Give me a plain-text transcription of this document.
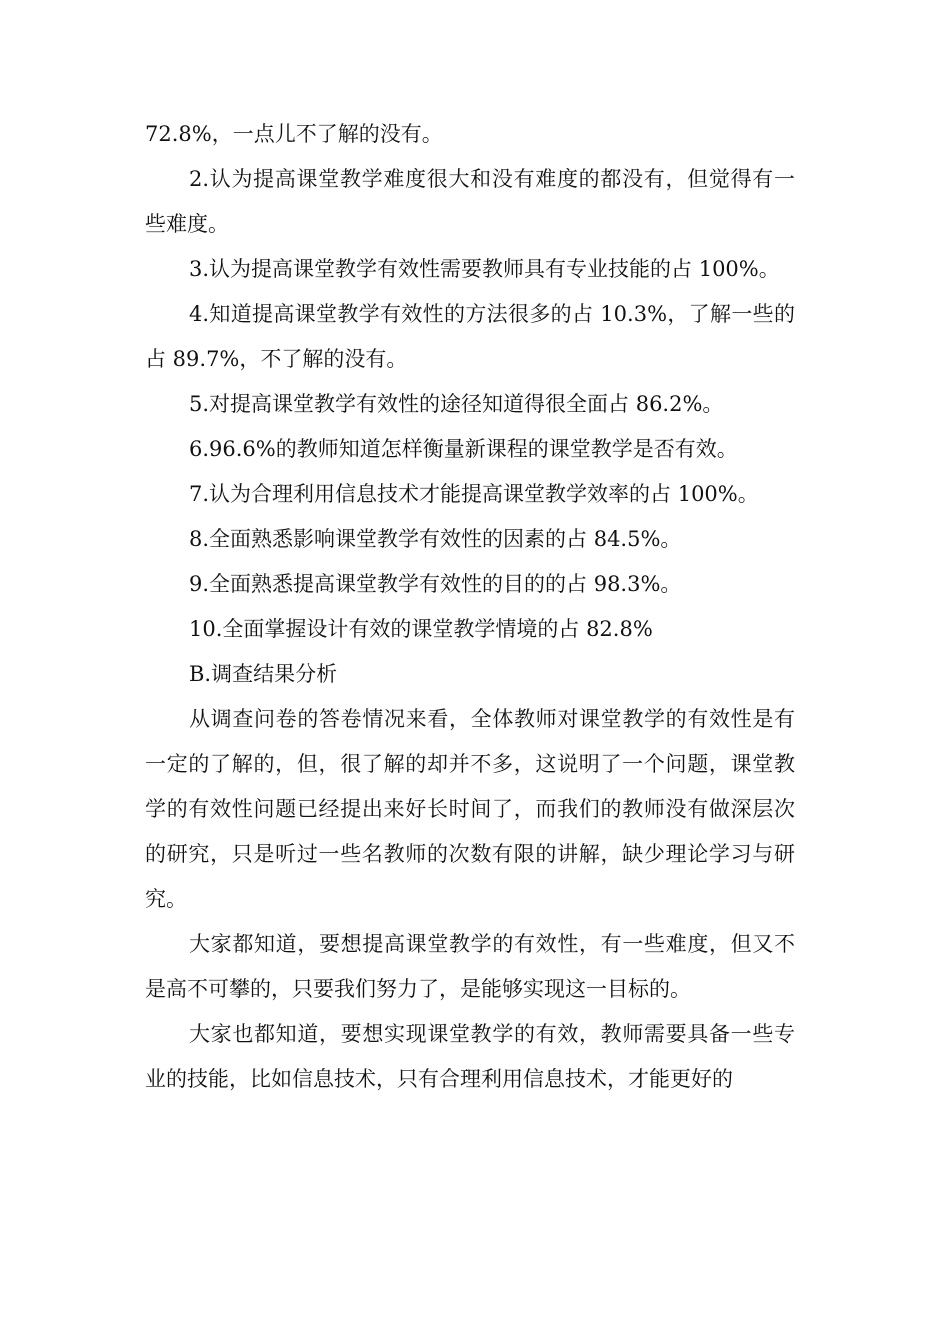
72.8%，一点儿不了解的没有。

2.认为提高课堂教学难度很大和没有难度的都没有，但觉得有一些难度。

3.认为提高课堂教学有效性需要教师具有专业技能的占 100%。

4.知道提高课堂教学有效性的方法很多的占 10.3%，了解一些的占 89.7%，不了解的没有。

5.对提高课堂教学有效性的途径知道得很全面占 86.2%。

6.96.6%的教师知道怎样衡量新课程的课堂教学是否有效。

7.认为合理利用信息技术才能提高课堂教学效率的占 100%。

8.全面熟悉影响课堂教学有效性的因素的占 84.5%。

9.全面熟悉提高课堂教学有效性的目的的占 98.3%。

10.全面掌握设计有效的课堂教学情境的占 82.8%

B.调查结果分析

从调查问卷的答卷情况来看，全体教师对课堂教学的有效性是有一定的了解的，但，很了解的却并不多，这说明了一个问题，课堂教学的有效性问题已经提出来好长时间了，而我们的教师没有做深层次的研究，只是听过一些名教师的次数有限的讲解，缺少理论学习与研究。

大家都知道，要想提高课堂教学的有效性，有一些难度，但又不是高不可攀的，只要我们努力了，是能够实现这一目标的。

大家也都知道，要想实现课堂教学的有效，教师需要具备一些专业的技能，比如信息技术，只有合理利用信息技术，才能更好的
